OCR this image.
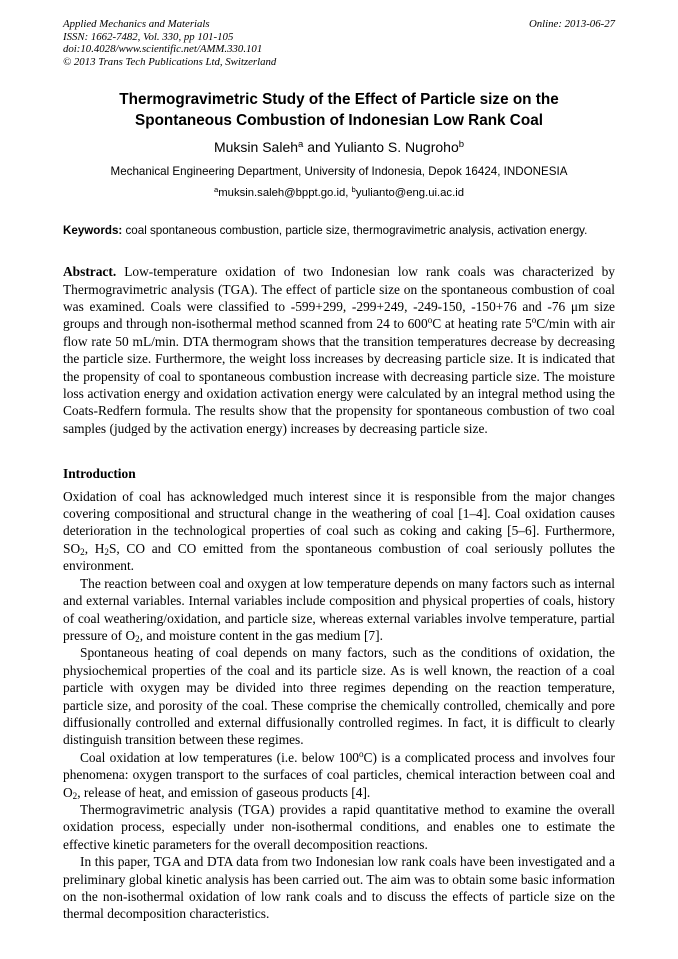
Applied Mechanics and Materials
ISSN: 1662-7482, Vol. 330, pp 101-105
doi:10.4028/www.scientific.net/AMM.330.101
© 2013 Trans Tech Publications Ltd, Switzerland
Online: 2013-06-27
Thermogravimetric Study of the Effect of Particle size on the
Spontaneous Combustion of Indonesian Low Rank Coal

Muksin Saleh$^a$ and Yulianto S. Nugroho$^b$

Mechanical Engineering Department, University of Indonesia, Depok 16424, INDONESIA

$^a$muksin.saleh@bppt.go.id, $^b$yulianto@eng.ui.ac.id

Keywords: coal spontaneous combustion, particle size, thermogravimetric analysis, activation energy.

Abstract. Low-temperature oxidation of two Indonesian low rank coals was characterized by Thermogravimetric analysis (TGA). The effect of particle size on the spontaneous combustion of coal was examined. Coals were classified to -599+299, -299+249, -249-150, -150+76 and -76 μm size groups and through non-isothermal method scanned from 24 to 600$^o$C at heating rate 5$^o$C/min with air flow rate 50 mL/min. DTA thermogram shows that the transition temperatures decrease by decreasing the particle size. Furthermore, the weight loss increases by decreasing particle size. It is indicated that the propensity of coal to spontaneous combustion increase with decreasing particle size. The moisture loss activation energy and oxidation activation energy were calculated by an integral method using the Coats-Redfern formula. The results show that the propensity for spontaneous combustion of two coal samples (judged by the activation energy) increases by decreasing particle size.

Introduction

Oxidation of coal has acknowledged much interest since it is responsible from the major changes covering compositional and structural change in the weathering of coal [1–4]. Coal oxidation causes deterioration in the technological properties of coal such as coking and caking [5–6]. Furthermore, $SO_2$, $H_2S$, CO and CO emitted from the spontaneous combustion of coal seriously pollutes the environment.

The reaction between coal and oxygen at low temperature depends on many factors such as internal and external variables. Internal variables include composition and physical properties of coals, history of coal weathering/oxidation, and particle size, whereas external variables involve temperature, partial pressure of $O_2$, and moisture content in the gas medium [7].

Spontaneous heating of coal depends on many factors, such as the conditions of oxidation, the physiochemical properties of the coal and its particle size. As is well known, the reaction of a coal particle with oxygen may be divided into three regimes depending on the reaction temperature, particle size, and porosity of the coal. These comprise the chemically controlled, chemically and pore diffusionally controlled and external diffusionally controlled regimes. In fact, it is difficult to clearly distinguish transition between these regimes.

Coal oxidation at low temperatures (i.e. below 100$^o$C) is a complicated process and involves four phenomena: oxygen transport to the surfaces of coal particles, chemical interaction between coal and $O_2$, release of heat, and emission of gaseous products [4].

Thermogravimetric analysis (TGA) provides a rapid quantitative method to examine the overall oxidation process, especially under non-isothermal conditions, and enables one to estimate the effective kinetic parameters for the overall decomposition reactions.

In this paper, TGA and DTA data from two Indonesian low rank coals have been investigated and a preliminary global kinetic analysis has been carried out. The aim was to obtain some basic information on the non-isothermal oxidation of low rank coals and to discuss the effects of particle size on the thermal decomposition characteristics.
